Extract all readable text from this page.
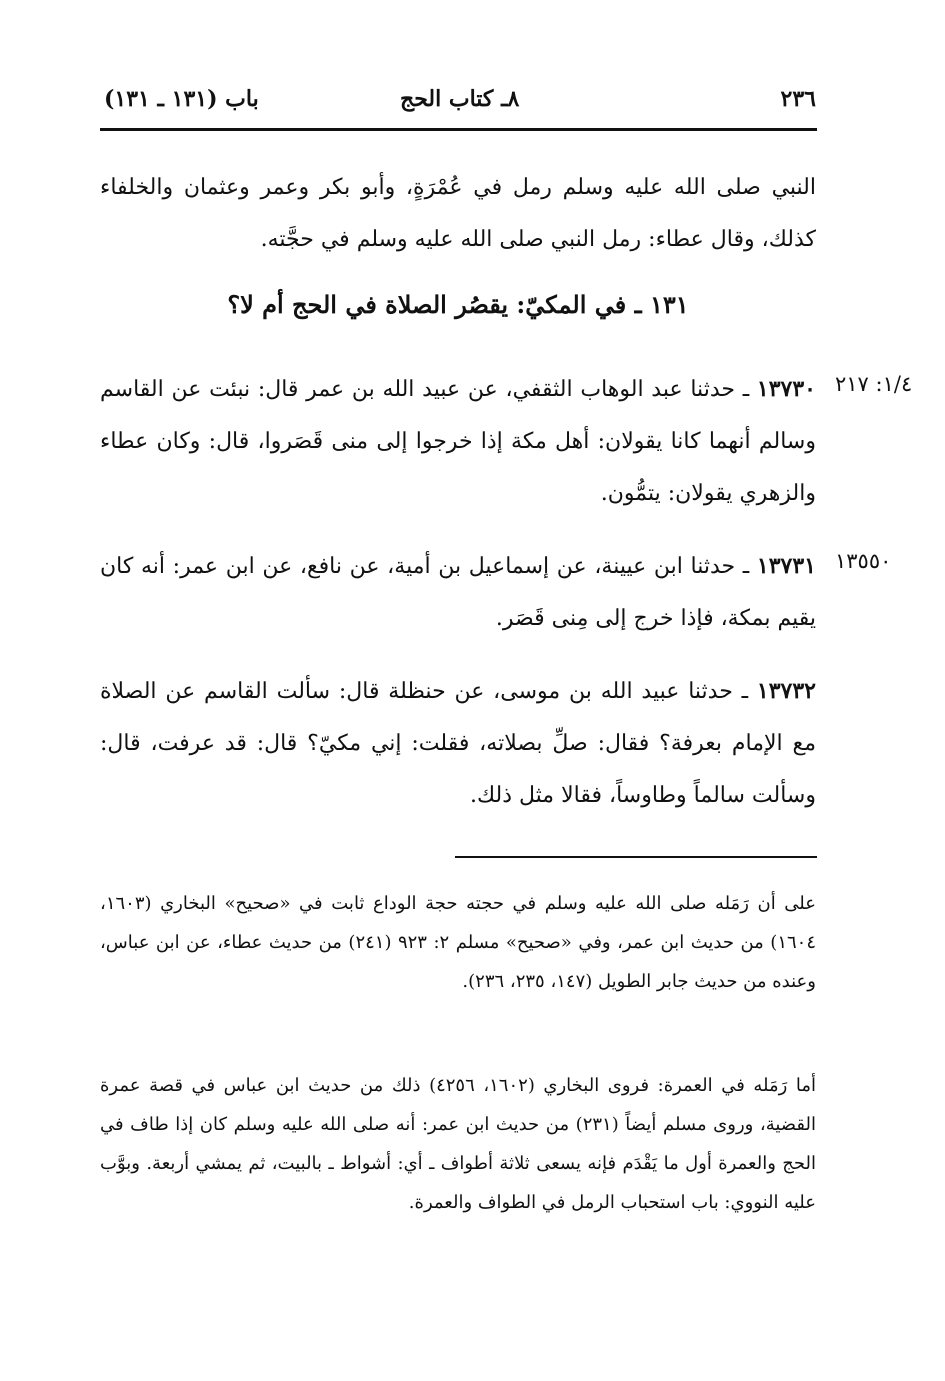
٢٣٦
٨ـ كتاب الحج
باب (١٣١ ـ ١٣١)
النبي صلى الله عليه وسلم رمل في عُمْرَةٍ، وأبو بكر وعمر وعثمان والخلفاء كذلك، وقال عطاء: رمل النبي صلى الله عليه وسلم في حجَّته.
١٣١ ـ في المكيّ: يقصُر الصلاة في الحج أم لا؟
١/٤: ٢١٧
١٣٧٣٠ ـ حدثنا عبد الوهاب الثقفي، عن عبيد الله بن عمر قال: نبئت عن القاسم وسالم أنهما كانا يقولان: أهل مكة إذا خرجوا إلى منى قَصَروا، قال: وكان عطاء والزهري يقولان: يتمُّون.
١٣٥٥٠
١٣٧٣١ ـ حدثنا ابن عيينة، عن إسماعيل بن أمية، عن نافع، عن ابن عمر: أنه كان يقيم بمكة، فإذا خرج إلى مِنى قَصَر.
١٣٧٣٢ ـ حدثنا عبيد الله بن موسى، عن حنظلة قال: سألت القاسم عن الصلاة مع الإمام بعرفة؟ فقال: صلِّ بصلاته، فقلت: إني مكيّ؟ قال: قد عرفت، قال: وسألت سالماً وطاوساً، فقالا مثل ذلك.
على أن رَمَله صلى الله عليه وسلم في حجته حجة الوداع ثابت في «صحيح» البخاري (١٦٠٣، ١٦٠٤) من حديث ابن عمر، وفي «صحيح» مسلم ٢: ٩٢٣ (٢٤١) من حديث عطاء، عن ابن عباس، وعنده من حديث جابر الطويل (١٤٧، ٢٣٥، ٢٣٦).
أما رَمَله في العمرة: فروى البخاري (١٦٠٢، ٤٢٥٦) ذلك من حديث ابن عباس في قصة عمرة القضية، وروى مسلم أيضاً (٢٣١) من حديث ابن عمر: أنه صلى الله عليه وسلم كان إذا طاف في الحج والعمرة أول ما يَقْدَم فإنه يسعى ثلاثة أطواف ـ أي: أشواط ـ بالبيت، ثم يمشي أربعة. وبوَّب عليه النووي: باب استحباب الرمل في الطواف والعمرة.
